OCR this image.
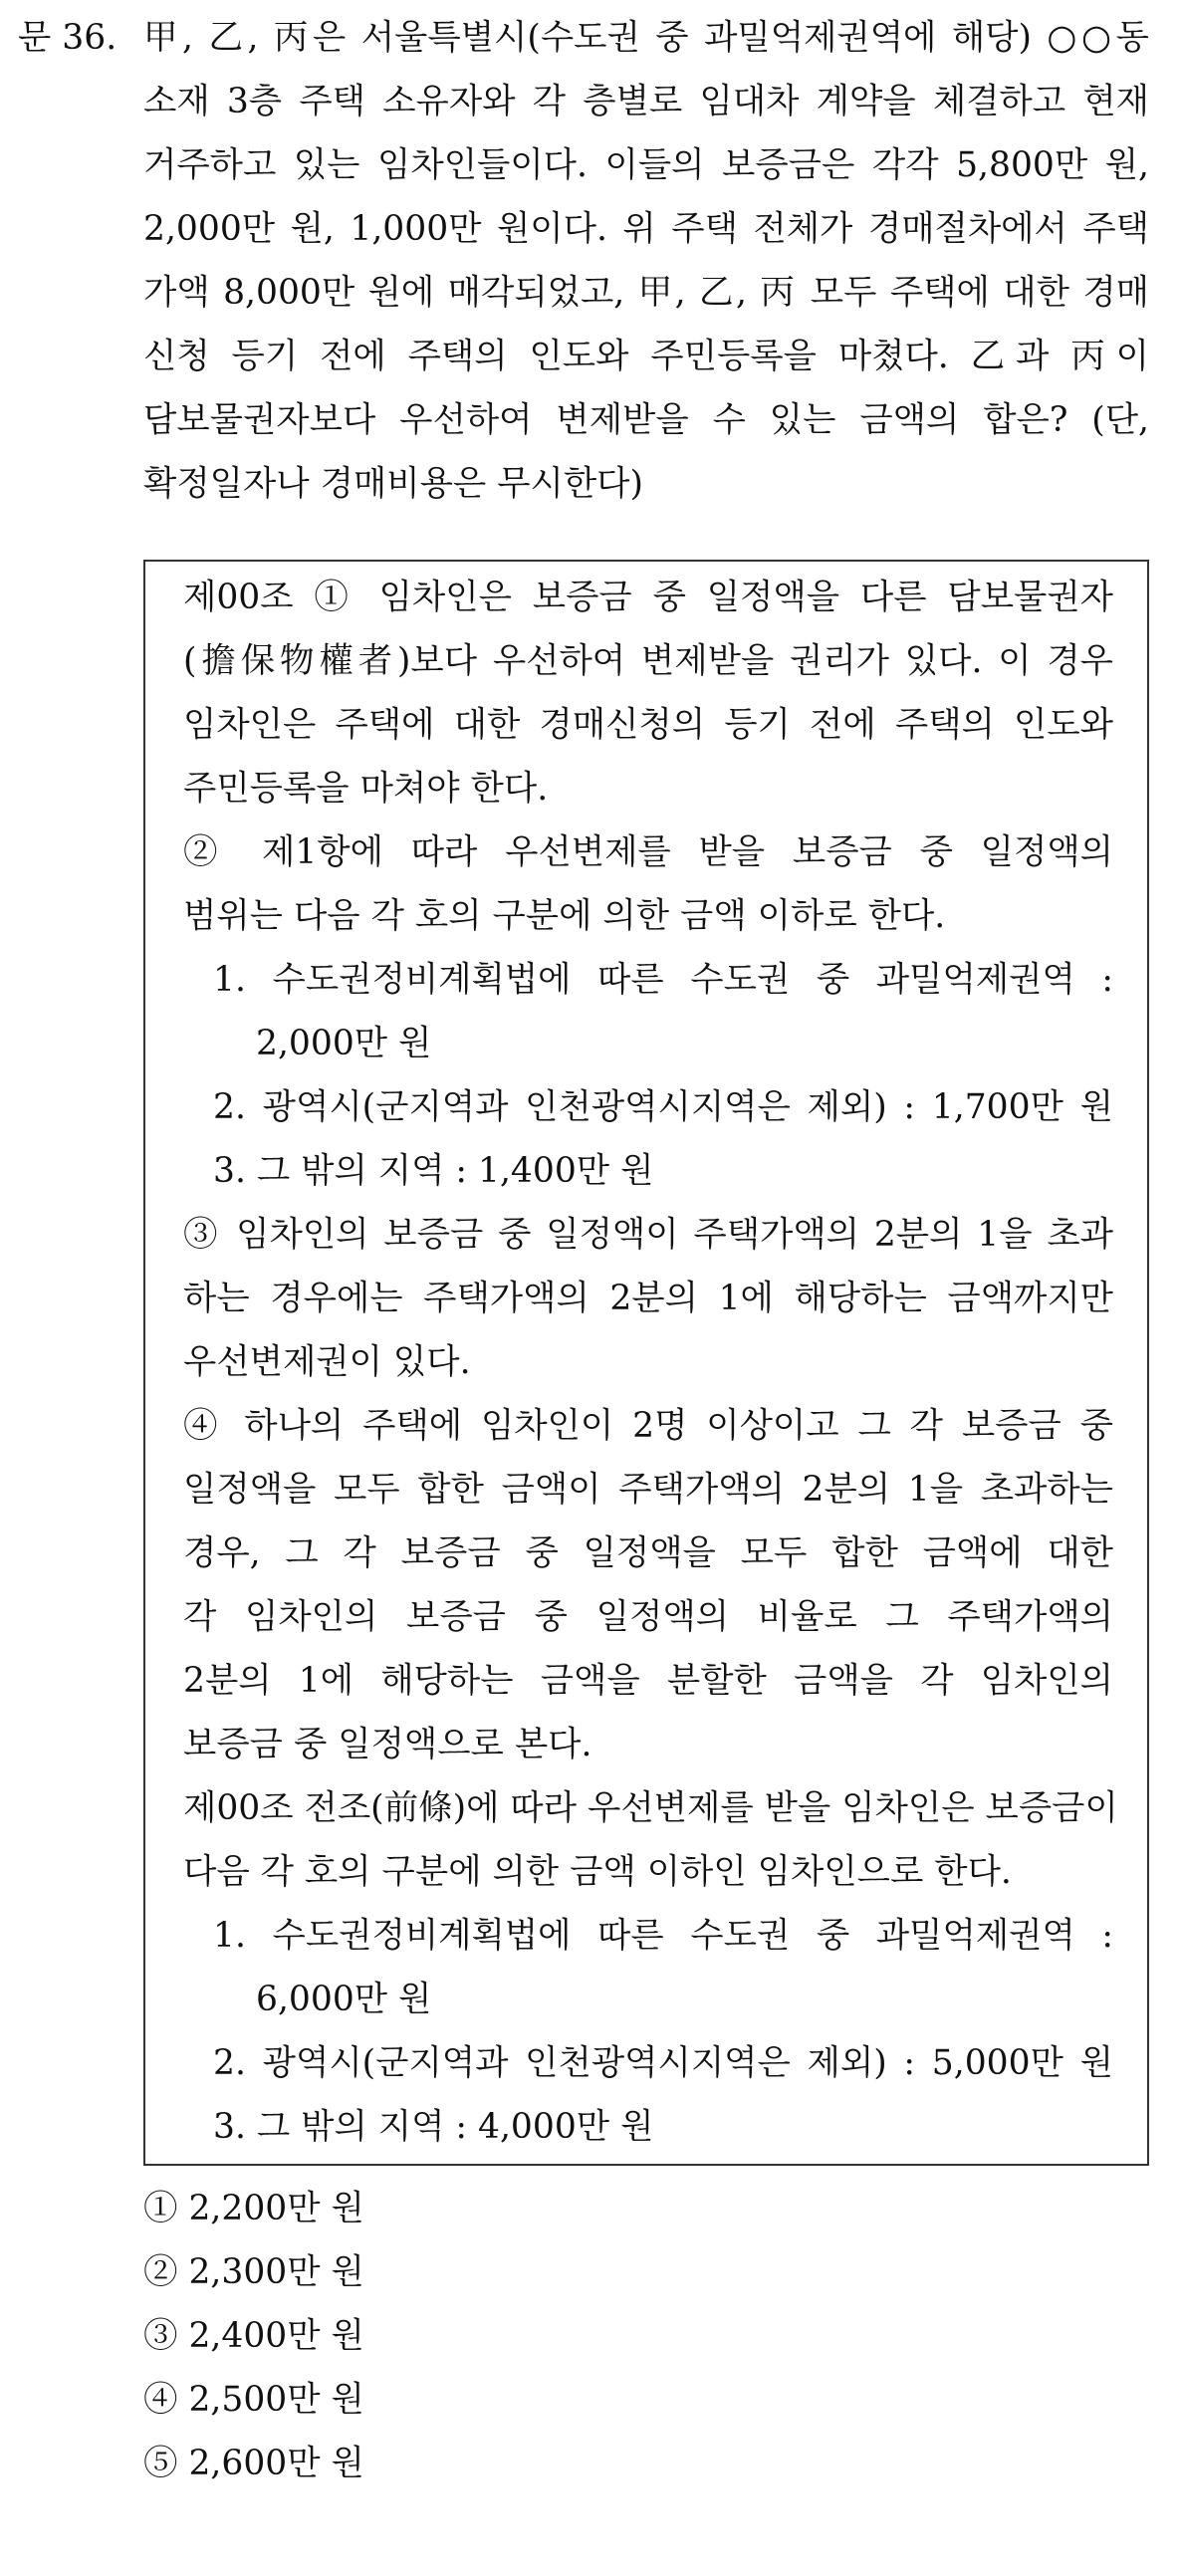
문 36. 甲, 乙, 丙은 서울특별시(수도권 중 과밀억제권역에 해당) ○○동
소재 3층 주택 소유자와 각 층별로 임대차 계약을 체결하고 현재
거주하고 있는 임차인들이다. 이들의 보증금은 각각 5,800만 원,
2,000만 원, 1,000만 원이다. 위 주택 전체가 경매절차에서 주택
가액 8,000만 원에 매각되었고, 甲, 乙, 丙 모두 주택에 대한 경매
신청 등기 전에 주택의 인도와 주민등록을 마쳤다. 乙과 丙이
담보물권자보다 우선하여 변제받을 수 있는 금액의 합은? (단,
확정일자나 경매비용은 무시한다)
제00조 ① 임차인은 보증금 중 일정액을 다른 담보물권자
(擔保物權者)보다 우선하여 변제받을 권리가 있다. 이 경우
임차인은 주택에 대한 경매신청의 등기 전에 주택의 인도와
주민등록을 마쳐야 한다.
② 제1항에 따라 우선변제를 받을 보증금 중 일정액의
범위는 다음 각 호의 구분에 의한 금액 이하로 한다.
1. 수도권정비계획법에 따른 수도권 중 과밀억제권역 :
2,000만 원
2. 광역시(군지역과 인천광역시지역은 제외) : 1,700만 원
3. 그 밖의 지역 : 1,400만 원
③ 임차인의 보증금 중 일정액이 주택가액의 2분의 1을 초과
하는 경우에는 주택가액의 2분의 1에 해당하는 금액까지만
우선변제권이 있다.
④ 하나의 주택에 임차인이 2명 이상이고 그 각 보증금 중
일정액을 모두 합한 금액이 주택가액의 2분의 1을 초과하는
경우, 그 각 보증금 중 일정액을 모두 합한 금액에 대한
각 임차인의 보증금 중 일정액의 비율로 그 주택가액의
2분의 1에 해당하는 금액을 분할한 금액을 각 임차인의
보증금 중 일정액으로 본다.
제00조 전조(前條)에 따라 우선변제를 받을 임차인은 보증금이
다음 각 호의 구분에 의한 금액 이하인 임차인으로 한다.
1. 수도권정비계획법에 따른 수도권 중 과밀억제권역 :
6,000만 원
2. 광역시(군지역과 인천광역시지역은 제외) : 5,000만 원
3. 그 밖의 지역 : 4,000만 원
① 2,200만 원
② 2,300만 원
③ 2,400만 원
④ 2,500만 원
⑤ 2,600만 원
